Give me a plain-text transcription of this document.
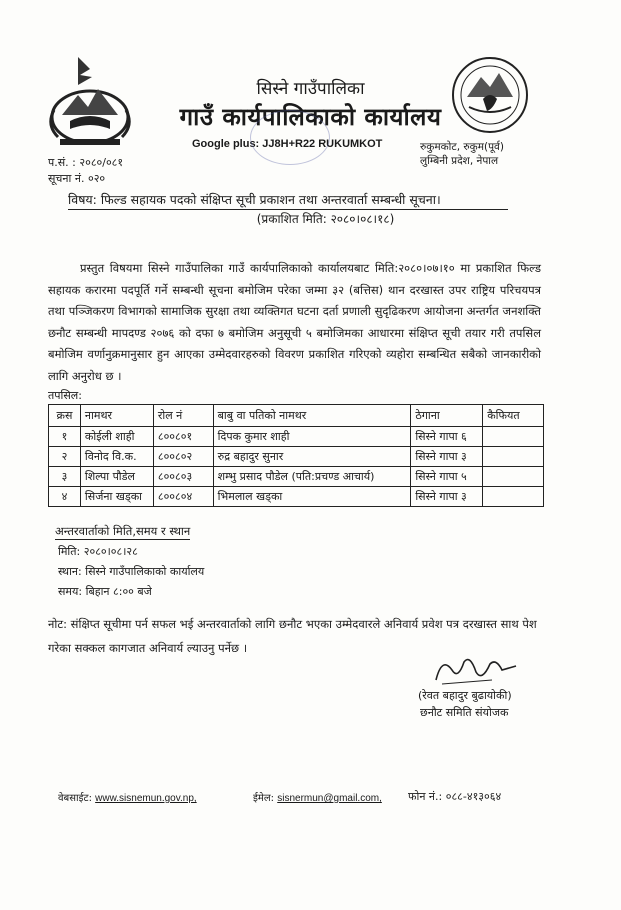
सिस्ने गाउँपालिका
गाउँ कार्यपालिकाको कार्यालय
Google plus: JJ8H+R22 RUKUMKOT	रुकुमकोट, रुकुम(पूर्व)
लुम्बिनी प्रदेश, नेपाल
प.सं. : २०८०/०८१
सूचना नं. ०२०
विषय: फिल्ड सहायक पदको संक्षिप्त सूची प्रकाशन तथा अन्तरवार्ता सम्बन्धी सूचना।
(प्रकाशित मिति: २०८०।०८।१८)

प्रस्तुत विषयमा सिस्ने गाउँपालिका गाउँ कार्यपालिकाको कार्यालयबाट मिति:२०८०।०७।१० मा प्रकाशित फिल्ड सहायक करारमा पदपूर्ति गर्ने सम्बन्धी सूचना बमोजिम परेका जम्मा ३२ (बत्तिस) थान दरखास्त उपर राष्ट्रिय परिचयपत्र तथा पञ्जिकरण विभागको सामाजिक सुरक्षा तथा व्यक्तिगत घटना दर्ता प्रणाली सुदृढिकरण आयोजना अन्तर्गत जनशक्ति छनौट सम्बन्धी मापदण्ड २०७६ को दफा ७ बमोजिम अनुसूची ५ बमोजिमका आधारमा संक्षिप्त सूची तयार गरी तपसिल बमोजिम वर्णानुक्रमानुसार हुन आएका उम्मेदवारहरुको विवरण प्रकाशित गरिएको व्यहोरा सम्बन्धित सबैको जानकारीको लागि अनुरोध छ ।

तपसिल:
क्रस	नामथर	रोल नं	बाबु वा पतिको नामथर	ठेगाना	कैफियत
१	कोईली शाही	८००८०१	दिपक कुमार शाही	सिस्ने गापा ६	
२	विनोद वि.क.	८००८०२	रुद्र बहादुर सुनार	सिस्ने गापा ३	
३	शिल्पा पौडेल	८००८०३	शम्भु प्रसाद पौडेल (पति:प्रचण्ड आचार्य)	सिस्ने गापा ५	
४	सिर्जना खड्का	८००८०४	भिमलाल खड्का	सिस्ने गापा ३	
अन्तरवार्ताको मिति,समय र स्थान
मिति: २०८०।०८।२८
स्थान: सिस्ने गाउँपालिकाको कार्यालय
समय: बिहान ८:०० बजे

नोट: संक्षिप्त सूचीमा पर्न सफल भई अन्तरवार्ताको लागि छनौट भएका उम्मेदवारले अनिवार्य प्रवेश पत्र दरखास्त साथ पेश गरेका सक्कल कागजात अनिवार्य ल्याउनु पर्नेछ ।

(रेवत बहादुर बुढायोकी)
छनौट समिति संयोजक
वेबसाईट: www.sisnemun.gov.np,	ईमेल: sisnermun@gmail.com, फोन नं.: ०८८-४१३०६४
